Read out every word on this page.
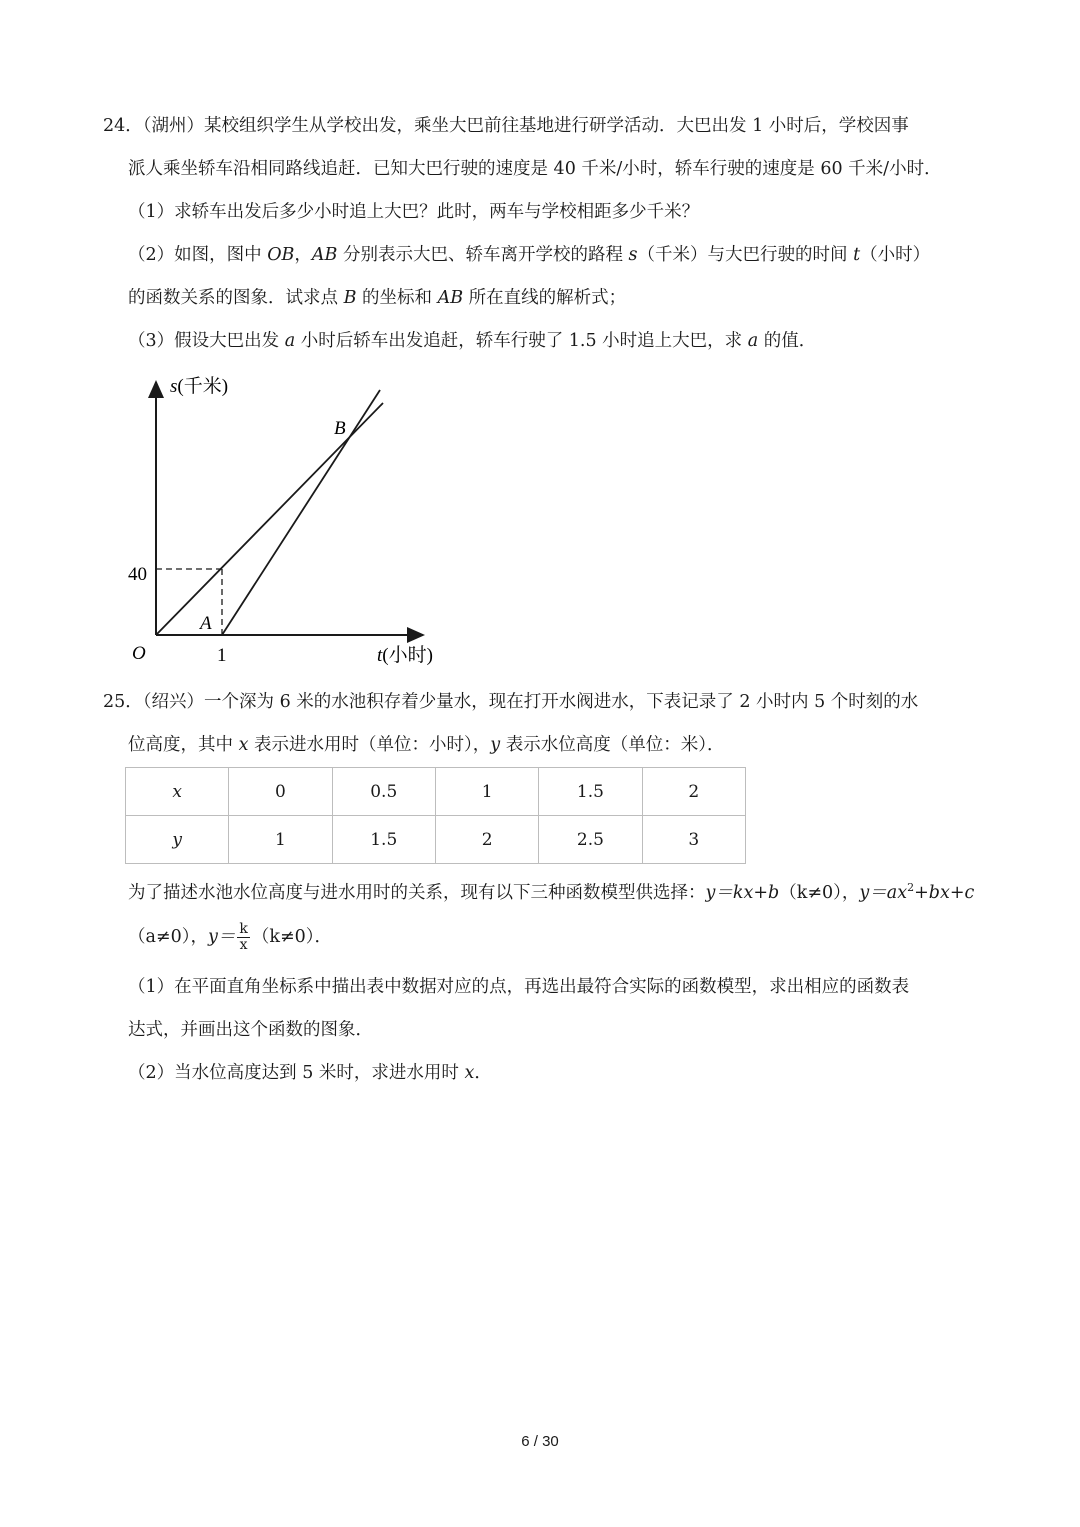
24．（湖州）某校组织学生从学校出发，乘坐大巴前往基地进行研学活动．大巴出发 1 小时后，学校因事
派人乘坐轿车沿相同路线追赶．已知大巴行驶的速度是 40 千米/小时，轿车行驶的速度是 60 千米/小时．
（1）求轿车出发后多少小时追上大巴？此时，两车与学校相距多少千米？
（2）如图，图中 OB，AB 分别表示大巴、轿车离开学校的路程 s（千米）与大巴行驶的时间 t（小时）
的函数关系的图象．试求点 B 的坐标和 AB 所在直线的解析式；
（3）假设大巴出发 a 小时后轿车出发追赶，轿车行驶了 1.5 小时追上大巴，求 a 的值．
s(千米)
t(小时)
O
40
1
A
B
25．（绍兴）一个深为 6 米的水池积存着少量水，现在打开水阀进水，下表记录了 2 小时内 5 个时刻的水
位高度，其中 x 表示进水用时（单位：小时），y 表示水位高度（单位：米）．
x	0	0.5	1	1.5	2
y	1	1.5	2	2.5	3
为了描述水池水位高度与进水用时的关系，现有以下三种函数模型供选择：y＝kx+b（k≠0），$y=ax^2+bx+c$
（a≠0），$y= \frac{k}{x} (k\ne 0)$．
（1）在平面直角坐标系中描出表中数据对应的点，再选出最符合实际的函数模型，求出相应的函数表
达式，并画出这个函数的图象．
（2）当水位高度达到 5 米时，求进水用时 x．
6 / 30
